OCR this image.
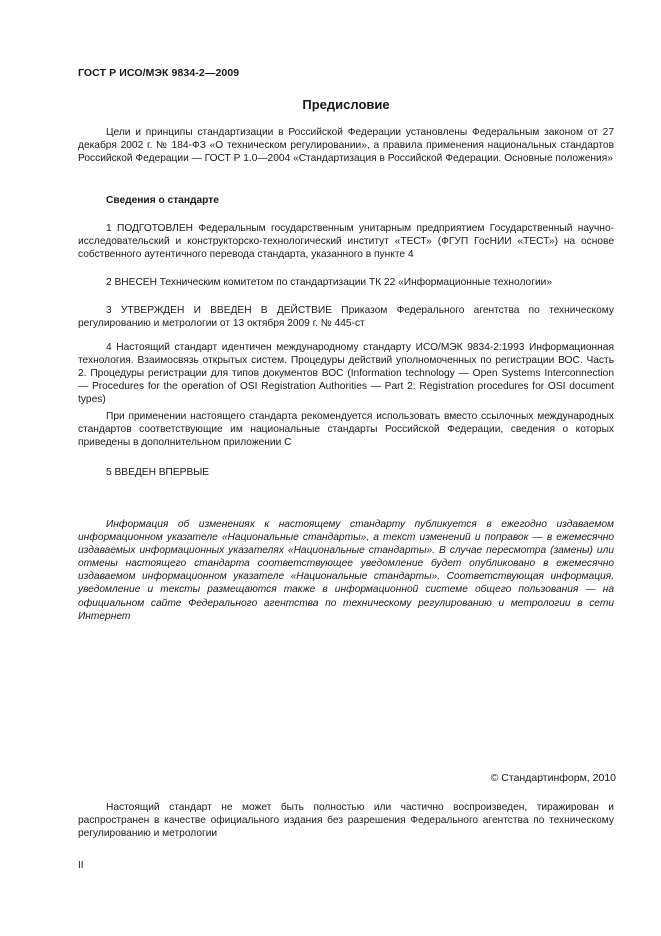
ГОСТ Р ИСО/МЭК 9834-2—2009
Предисловие
Цели и принципы стандартизации в Российской Федерации установлены Федеральным законом от 27 декабря 2002 г. № 184-ФЗ «О техническом регулировании», а правила применения национальных стандартов Российской Федерации — ГОСТ Р 1.0—2004 «Стандартизация в Российской Федерации. Основные положения»
Сведения о стандарте
1 ПОДГОТОВЛЕН Федеральным государственным унитарным предприятием Государственный научно-исследовательский и конструкторско-технологический институт «ТЕСТ» (ФГУП ГосНИИ «ТЕСТ») на основе собственного аутентичного перевода стандарта, указанного в пункте 4
2 ВНЕСЕН Техническим комитетом по стандартизации ТК 22 «Информационные технологии»
3 УТВЕРЖДЕН И ВВЕДЕН В ДЕЙСТВИЕ Приказом Федерального агентства по техническому регулированию и метрологии от 13 октября 2009 г. № 445-ст
4 Настоящий стандарт идентичен международному стандарту ИСО/МЭК 9834-2:1993 Информационная технология. Взаимосвязь открытых систем. Процедуры действий уполномоченных по регистрации ВОС. Часть 2. Процедуры регистрации для типов документов ВОС (Information technology — Open Systems Interconnection — Procedures for the operation of OSI Registration Authorities — Part 2: Registration procedures for OSI document types)
При применении настоящего стандарта рекомендуется использовать вместо ссылочных международных стандартов соответствующие им национальные стандарты Российской Федерации, сведения о которых приведены в дополнительном приложении С
5 ВВЕДЕН ВПЕРВЫЕ
Информация об изменениях к настоящему стандарту публикуется в ежегодно издаваемом информационном указателе «Национальные стандарты», а текст изменений и поправок — в ежемесячно издаваемых информационных указателях «Национальные стандарты». В случае пересмотра (замены) или отмены настоящего стандарта соответствующее уведомление будет опубликовано в ежемесячно издаваемом информационном указателе «Национальные стандарты». Соответствующая информация, уведомление и тексты размещаются также в информационной системе общего пользования — на официальном сайте Федерального агентства по техническому регулированию и метрологии в сети Интернет
© Стандартинформ, 2010
Настоящий стандарт не может быть полностью или частично воспроизведен, тиражирован и распространен в качестве официального издания без разрешения Федерального агентства по техническому регулированию и метрологии
II
